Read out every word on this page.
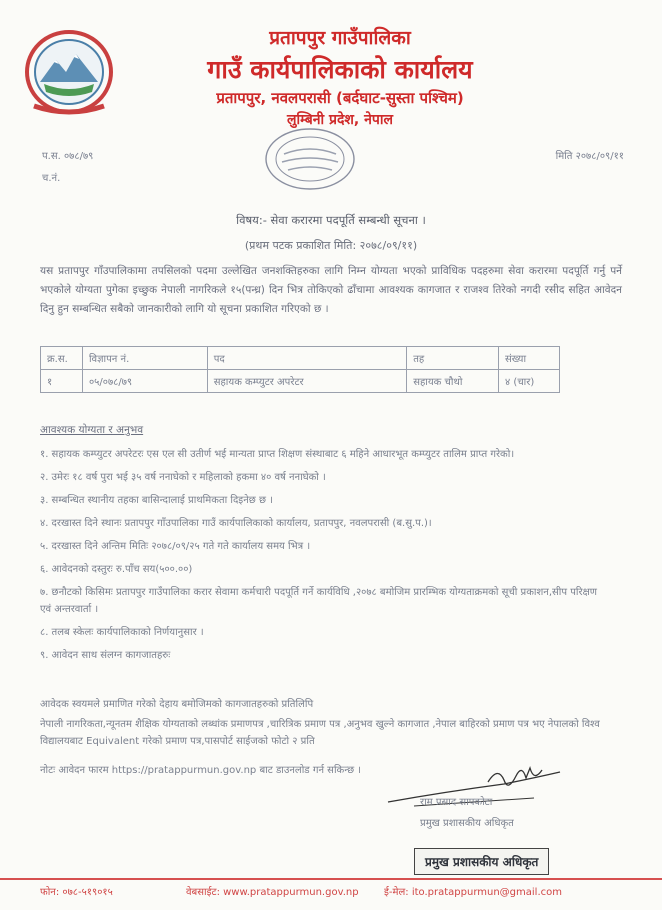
प्रतापपुर गाउँपालिका
गाउँ कार्यपालिकाको कार्यालय
प्रतापपुर, नवलपरासी (बर्दघाट-सुस्ता पश्चिम)
लुम्बिनी प्रदेश, नेपाल
प.स. ०७८/७९
च.नं.
मिति २०७८/०९/११
विषय:- सेवा करारमा पदपूर्ति सम्बन्धी सूचना ।
(प्रथम पटक प्रकाशित मिति: २०७८/०९/११)
यस प्रतापपुर गाँउपालिकामा तपसिलको पदमा उल्लेखित जनशक्तिहरुका लागि निम्न योग्यता भएको प्राविधिक पदहरुमा सेवा करारमा पदपूर्ति गर्नु पर्ने भएकोले योग्यता पुगेका इच्छुक नेपाली नागरिकले १५(पन्ध्र) दिन भित्र तोकिएको ढाँचामा आवश्यक कागजात र राजश्व तिरेको नगदी रसीद सहित आवेदन दिनु हुन सम्बन्धित सबैको जानकारीको लागि यो सूचना प्रकाशित गरिएको छ ।
क्र.स.	विज्ञापन नं.	पद	तह	संख्या
१	०५/०७८/७९	सहायक कम्प्युटर अपरेटर	सहायक चौथो	४ (चार)
आवश्यक योग्यता र अनुभव
१. सहायक कम्प्युटर अपरेटरः एस एल सी उतीर्ण भई मान्यता प्राप्त शिक्षण संस्थाबाट ६ महिने आधारभूत कम्प्युटर तालिम प्राप्त गरेको।
२. उमेरः १८ वर्ष पुरा भई ३५ वर्ष ननाघेको र महिलाको हकमा ४० वर्ष ननाघेको ।
३. सम्बन्धित स्थानीय तहका बासिन्दालाई प्राथमिकता दिइनेछ छ ।
४. दरखास्त दिने स्थानः प्रतापपुर गाँउपालिका गाउँ कार्यपालिकाको कार्यालय, प्रतापपुर, नवलपरासी (ब.सु.प.)।
५. दरखास्त दिने अन्तिम मितिः २०७८/०९/२५ गते गते कार्यालय समय भित्र ।
६. आवेदनको दस्तुरः रु.पाँच सय(५००.००)
७. छनौटको किसिमः प्रतापपुर गाउँपालिका करार सेवामा कर्मचारी पदपूर्ति गर्ने कार्यविधि ,२०७८ बमोजिम प्रारम्भिक योग्यताक्रमको सूची प्रकाशन,सीप परिक्षण एवं अन्तरवार्ता ।
८. तलब स्केलः कार्यपालिकाको निर्णयानुसार ।
९. आवेदन साथ संलग्न कागजातहरुः
आवेदक स्वयमले प्रमाणित गरेको देहाय बमोजिमको कागजातहरुको प्रतिलिपि
नेपाली नागरिकता,न्यूनतम शैक्षिक योग्यताको लब्धांक प्रमाणपत्र ,चारित्रिक प्रमाण पत्र ,अनुभव खुल्ने कागजात ,नेपाल बाहिरको प्रमाण पत्र भए नेपालको विश्व विद्यालयबाट Equivalent गरेको प्रमाण पत्र,पासपोर्ट साईजको फोटो २ प्रति
नोटः आवेदन फारम https://pratappurmun.gov.np बाट डाउनलोड गर्न सकिन्छ ।
राम प्रसाद सापकोटा
प्रमुख प्रशासकीय अधिकृत
प्रमुख प्रशासकीय अधिकृत
फोन: ०७८-५१९०१५	वेबसाईट: www.pratappurmun.gov.np	ई-मेल: ito.pratappurmun@gmail.com
